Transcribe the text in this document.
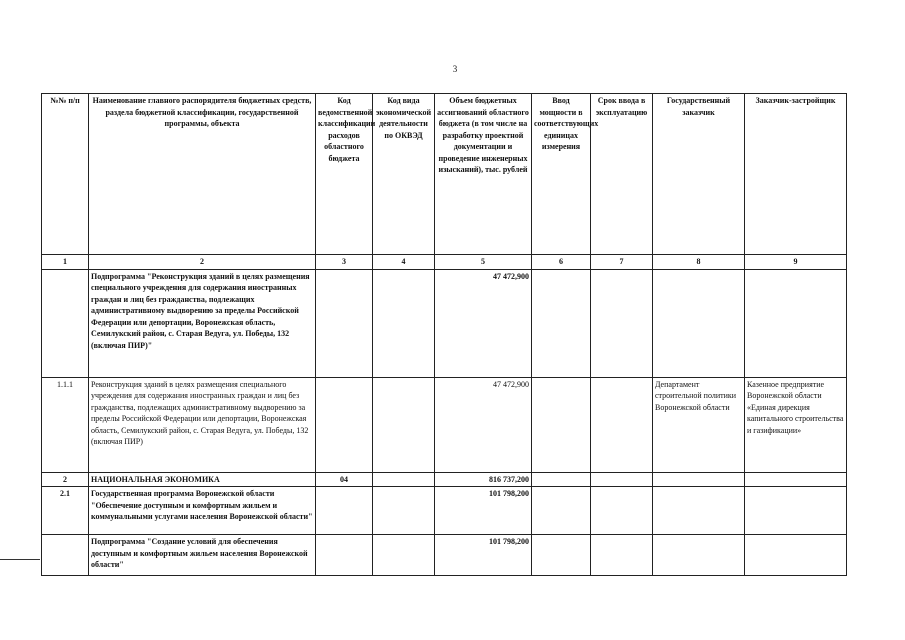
3
№№ п/п	Наименование главного распорядителя бюджетных средств, раздела бюджетной классификации, государственной программы, объекта	Код ведомственной классификации расходов областного бюджета	Код вида экономической деятельности по ОКВЭД	Объем бюджетных ассигнований областного бюджета (в том числе на разработку проектной документации и проведение инженерных изысканий), тыс. рублей	Ввод мощности в соответствующих единицах измерения	Срок ввода в эксплуатацию	Государственный заказчик	Заказчик-застройщик
1	2	3	4	5	6	7	8	9
	Подпрограмма "Реконструкция зданий в целях размещения специального учреждения для содержания иностранных граждан и лиц без гражданства, подлежащих административному выдворению за пределы Российской Федерации или депортации, Воронежская область, Семилукский район, с. Старая Ведуга, ул. Победы, 132 (включая ПИР)"			47 472,900				
1.1.1	Реконструкция зданий в целях размещения специального учреждения для содержания иностранных граждан и лиц без гражданства, подлежащих административному выдворению за пределы Российской Федерации или депортации, Воронежская область, Семилукский район, с. Старая Ведуга, ул. Победы, 132 (включая ПИР)			47 472,900			Департамент строительной политики Воронежской области	Казенное предприятие Воронежской области «Единая дирекция капитального строительства и газификации»
2	НАЦИОНАЛЬНАЯ ЭКОНОМИКА	04		816 737,200				
2.1	Государственная программа Воронежской области "Обеспечение доступным и комфортным жильем и коммунальными услугами населения Воронежской области"			101 798,200				
	Подпрограмма "Создание условий для обеспечения доступным и комфортным жильем населения Воронежской области"			101 798,200				
